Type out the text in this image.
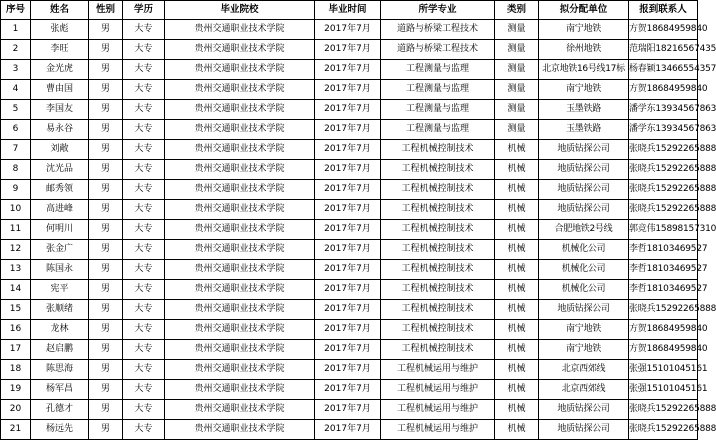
序号	姓名	性别	学历	毕业院校	毕业时间	所学专业	类别	拟分配单位	报到联系人
1	张彪	男	大专	贵州交通职业技术学院	2017年7月	道路与桥梁工程技术	测量	南宁地铁	方贺18684959840
2	李旺	男	大专	贵州交通职业技术学院	2017年7月	道路与桥梁工程技术	测量	徐州地铁	范瑞阳18216567435
3	金光虎	男	大专	贵州交通职业技术学院	2017年7月	工程测量与监理	测量	北京地铁16号线17标	杨春颖13466554357
4	曹由国	男	大专	贵州交通职业技术学院	2017年7月	工程测量与监理	测量	南宁地铁	方贺18684959840
5	李国友	男	大专	贵州交通职业技术学院	2017年7月	工程测量与监理	测量	玉墨铁路	潘学东13934567863
6	易永谷	男	大专	贵州交通职业技术学院	2017年7月	工程测量与监理	测量	玉墨铁路	潘学东13934567863
7	刘敞	男	大专	贵州交通职业技术学院	2017年7月	工程机械控制技术	机械	地质钻探公司	张晓兵15292265888
8	沈光品	男	大专	贵州交通职业技术学院	2017年7月	工程机械控制技术	机械	地质钻探公司	张晓兵15292265888
9	邮秀领	男	大专	贵州交通职业技术学院	2017年7月	工程机械控制技术	机械	地质钻探公司	张晓兵15292265888
10	高进峰	男	大专	贵州交通职业技术学院	2017年7月	工程机械控制技术	机械	地质钻探公司	张晓兵15292265888
11	何明川	男	大专	贵州交通职业技术学院	2017年7月	工程机械控制技术	机械	合肥地铁2号线	郭竞伟15898157310
12	张金广	男	大专	贵州交通职业技术学院	2017年7月	工程机械控制技术	机械	机械化公司	李哲18103469527
13	陈国永	男	大专	贵州交通职业技术学院	2017年7月	工程机械控制技术	机械	机械化公司	李哲18103469527
14	宪平	男	大专	贵州交通职业技术学院	2017年7月	工程机械控制技术	机械	机械化公司	李哲18103469527
15	张顺绪	男	大专	贵州交通职业技术学院	2017年7月	工程机械控制技术	机械	地质钻探公司	张晓兵15292265888
16	龙林	男	大专	贵州交通职业技术学院	2017年7月	工程机械控制技术	机械	南宁地铁	方贺18684959840
17	赵启鹏	男	大专	贵州交通职业技术学院	2017年7月	工程机械控制技术	机械	南宁地铁	方贺18684959840
18	陈思海	男	大专	贵州交通职业技术学院	2017年7月	工程机械运用与维护	机械	北京西郊线	张强15101045161
19	杨军昌	男	大专	贵州交通职业技术学院	2017年7月	工程机械运用与维护	机械	北京西郊线	张强15101045161
20	孔德才	男	大专	贵州交通职业技术学院	2017年7月	工程机械运用与维护	机械	地质钻探公司	张晓兵15292265888
21	杨远先	男	大专	贵州交通职业技术学院	2017年7月	工程机械运用与维护	机械	地质钻探公司	张晓兵15292265888
